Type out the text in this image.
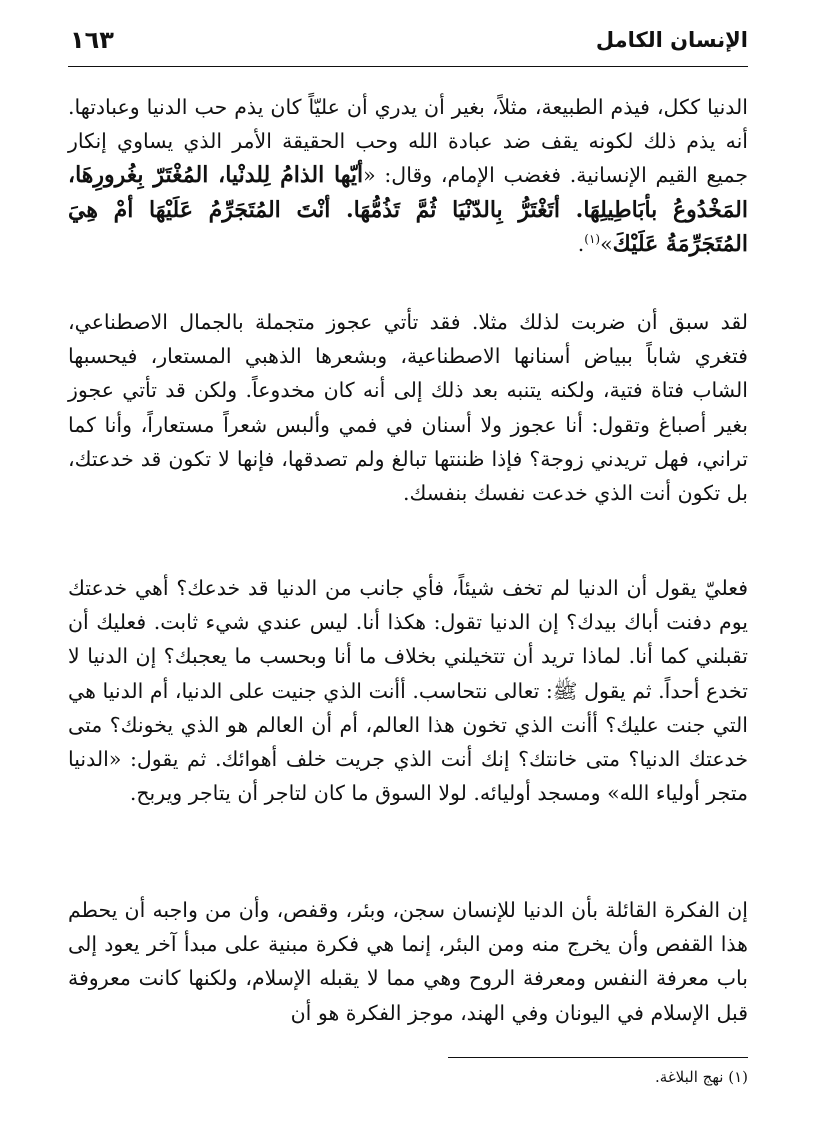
الإنسان الكامل
١٦٣

الدنيا ككل، فيذم الطبيعة، مثلاً، بغير أن يدري أن عليّاً كان يذم حب الدنيا وعبادتها. أنه يذم ذلك لكونه يقف ضد عبادة الله وحب الحقيقة الأمر الذي يساوي إنكار جميع القيم الإنسانية. فغضب الإمام، وقال: «أيّها الذامُ لِلدنْيا، المُغْتَرّ بِغُرورِهَا، المَخْدُوعُ بأبَاطِيلِهَا. أتَغْتَرُّ بِالدّنْيَا ثُمَّ تَذُمُّهَا. أنْتَ المُتَجَرِّمُ عَلَيْهَا أمْ هِيَ المُتَجَرِّمَةُ عَلَيْكَ»$^{(١)}$.

لقد سبق أن ضربت لذلك مثلا. فقد تأتي عجوز متجملة بالجمال الاصطناعي، فتغري شاباً ببياض أسنانها الاصطناعية، وبشعرها الذهبي المستعار، فيحسبها الشاب فتاة فتية، ولكنه يتنبه بعد ذلك إلى أنه كان مخدوعاً. ولكن قد تأتي عجوز بغير أصباغ وتقول: أنا عجوز ولا أسنان في فمي وألبس شعراً مستعاراً، وأنا كما تراني، فهل تريدني زوجة؟ فإذا ظننتها تبالغ ولم تصدقها، فإنها لا تكون قد خدعتك، بل تكون أنت الذي خدعت نفسك بنفسك.

فعليّ يقول أن الدنيا لم تخف شيئاً، فأي جانب من الدنيا قد خدعك؟ أهي خدعتك يوم دفنت أباك بيدك؟ إن الدنيا تقول: هكذا أنا. ليس عندي شيء ثابت. فعليك أن تقبلني كما أنا. لماذا تريد أن تتخيلني بخلاف ما أنا وبحسب ما يعجبك؟ إن الدنيا لا تخدع أحداً. ثم يقول ﷺ: تعالى نتحاسب. أأنت الذي جنيت على الدنيا، أم الدنيا هي التي جنت عليك؟ أأنت الذي تخون هذا العالم، أم أن العالم هو الذي يخونك؟ متى خدعتك الدنيا؟ متى خانتك؟ إنك أنت الذي جريت خلف أهوائك. ثم يقول: «الدنيا متجر أولياء الله» ومسجد أوليائه. لولا السوق ما كان لتاجر أن يتاجر ويربح.

إن الفكرة القائلة بأن الدنيا للإنسان سجن، وبئر، وقفص، وأن من واجبه أن يحطم هذا القفص وأن يخرج منه ومن البئر، إنما هي فكرة مبنية على مبدأ آخر يعود إلى باب معرفة النفس ومعرفة الروح وهي مما لا يقبله الإسلام، ولكنها كانت معروفة قبل الإسلام في اليونان وفي الهند، موجز الفكرة هو أن

(١) نهج البلاغة.
